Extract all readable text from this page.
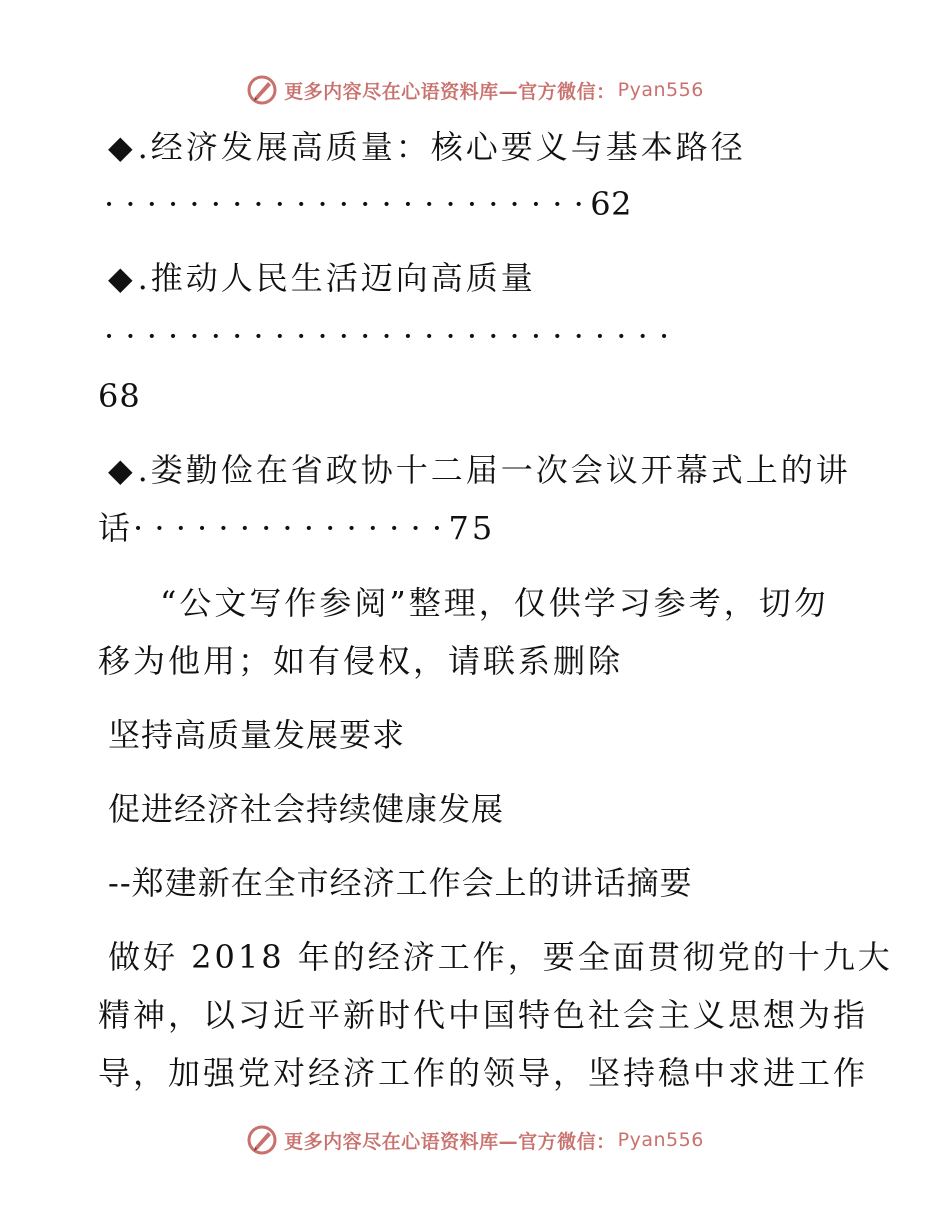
更多内容尽在心语资料库—官方微信： Pyan556
◆.经济发展高质量：核心要义与基本路径
· · · · · · · · · · · · · · · · · · · · · · · 62
◆.推动人民生活迈向高质量
· · · · · · · · · · · · · · · · · · · · · · · · · · ·
68
◆.娄勤俭在省政协十二届一次会议开幕式上的讲
话· · · · · · · · · · · · · · · 75
“公文写作参阅”整理，仅供学习参考，切勿
移为他用；如有侵权，请联系删除
坚持高质量发展要求
促进经济社会持续健康发展
--郑建新在全市经济工作会上的讲话摘要
做好 2018 年的经济工作，要全面贯彻党的十九大
精神，以习近平新时代中国特色社会主义思想为指
导，加强党对经济工作的领导，坚持稳中求进工作
更多内容尽在心语资料库—官方微信： Pyan556
